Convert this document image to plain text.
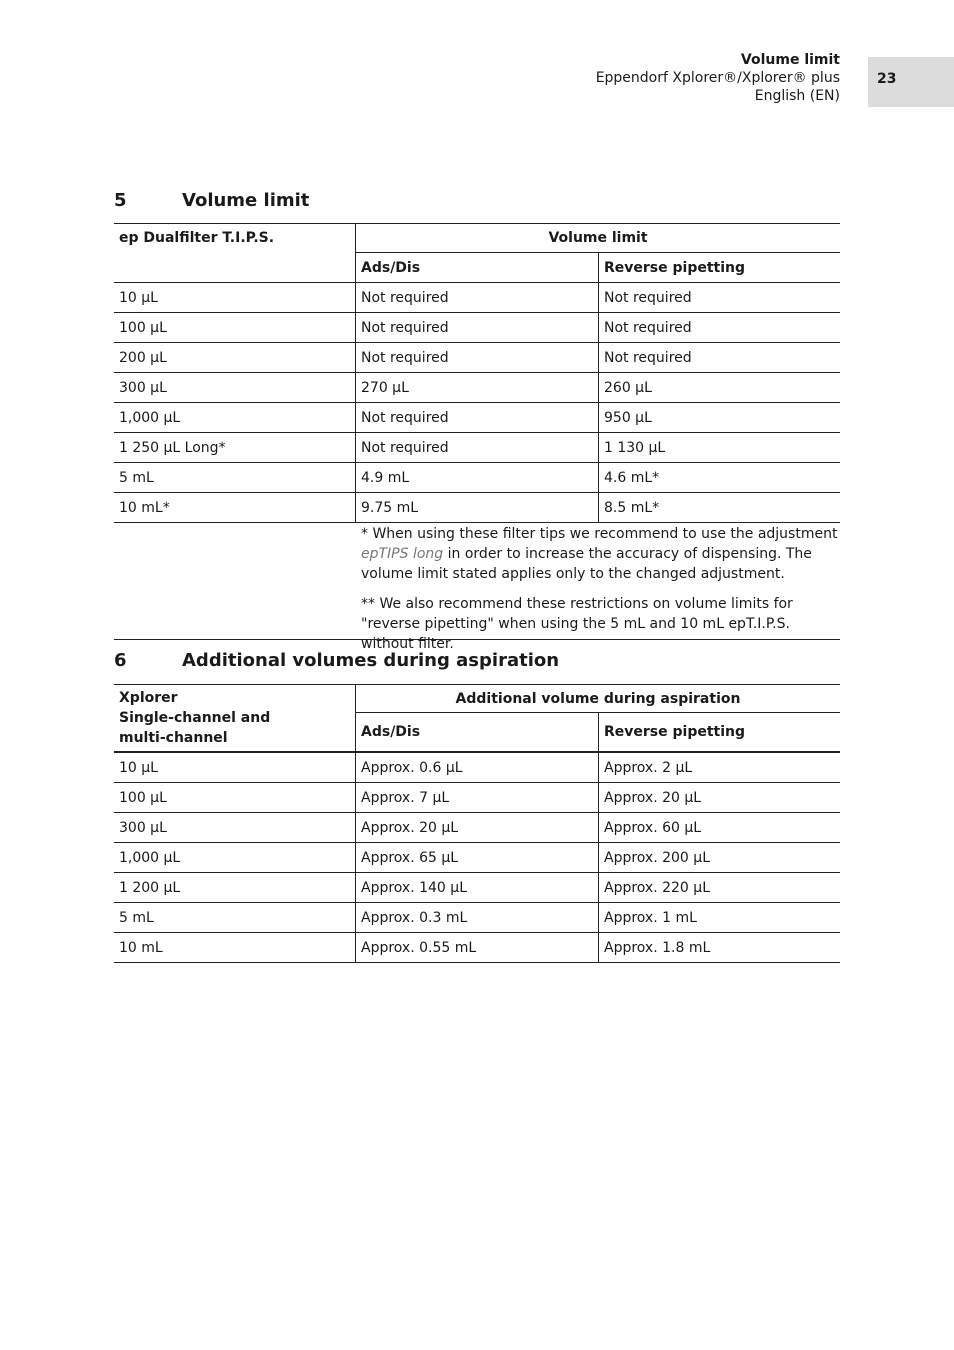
Volume limit
Eppendorf Xplorer®/Xplorer® plus
English (EN)
23
5	Volume limit
ep Dualfilter T.I.P.S.	Volume limit	
	Ads/Dis	Reverse pipetting
10 µL	Not required	Not required
100 µL	Not required	Not required
200 µL	Not required	Not required
300 µL	270 µL	260 µL
1,000 µL	Not required	950 µL
1 250 µL Long*	Not required	1 130 µL
5 mL	4.9 mL	4.6 mL*
10 mL*	9.75 mL	8.5 mL*

* When using these filter tips we recommend to use the adjustment epTIPS long in order to increase the accuracy of dispensing. The volume limit stated applies only to the changed adjustment.

** We also recommend these restrictions on volume limits for "reverse pipetting" when using the 5 mL and 10 mL epT.I.P.S. without filter.

6	Additional volumes during aspiration
Xplorer
Single-channel and
multi-channel	Additional volume during aspiration	
	Ads/Dis	Reverse pipetting
10 µL	Approx. 0.6 µL	Approx. 2 µL
100 µL	Approx. 7 µL	Approx. 20 µL
300 µL	Approx. 20 µL	Approx. 60 µL
1,000 µL	Approx. 65 µL	Approx. 200 µL
1 200 µL	Approx. 140 µL	Approx. 220 µL
5 mL	Approx. 0.3 mL	Approx. 1 mL
10 mL	Approx. 0.55 mL	Approx. 1.8 mL
